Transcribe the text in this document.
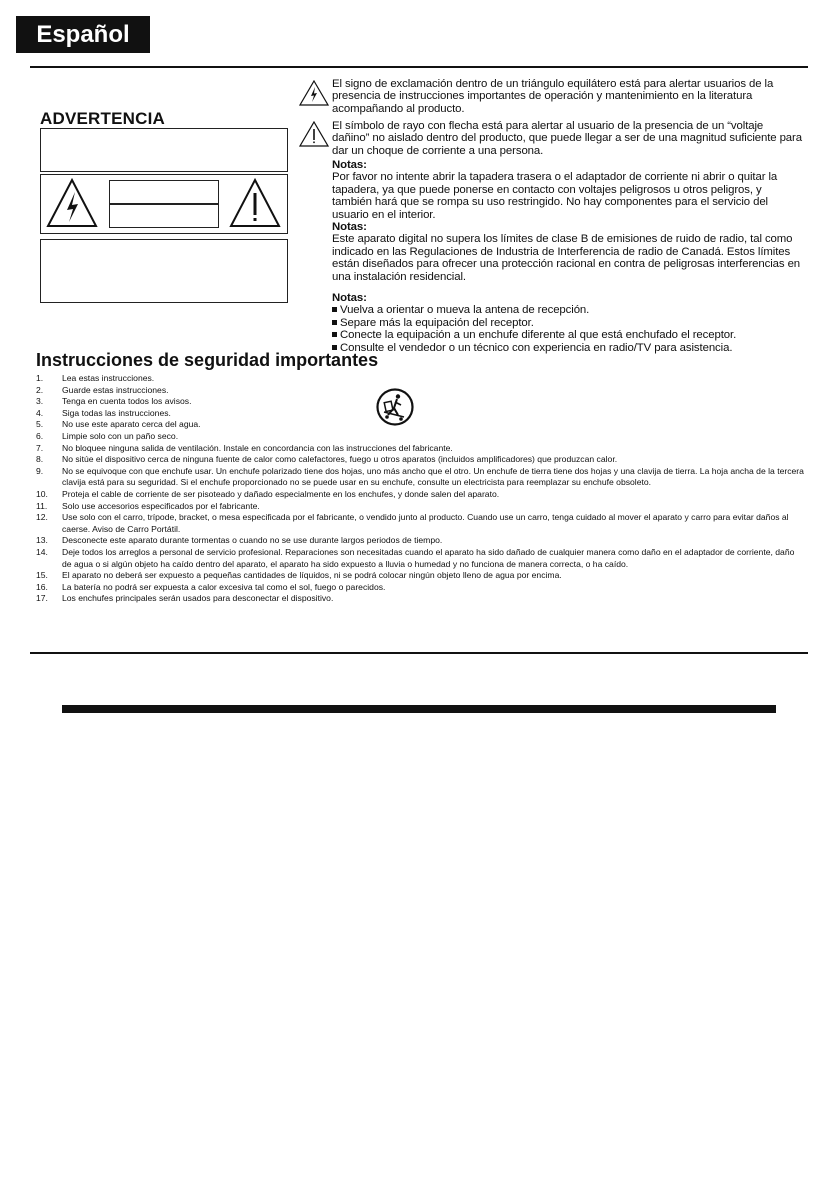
Español
ADVERTENCIA
El signo de exclamación dentro de un triángulo equilátero está para alertar usuarios de la presencia de instrucciones importantes de operación y mantenimiento en la literatura acompañando al producto.
El símbolo de rayo con flecha está para alertar al usuario de la presencia de un “voltaje dañino” no aislado dentro del producto, que puede llegar a ser de una magnitud suficiente para dar un choque de corriente a una persona.

Notas:

Por favor no intente abrir la tapadera trasera o el adaptador de corriente ni abrir o quitar la tapadera, ya que puede ponerse en contacto con voltajes peligrosos u otros peligros, y también hará que se rompa su uso restringido. No hay componentes para el servicio del usuario en el interior.

Notas:

Este aparato digital no supera los límites de clase B de emisiones de ruido de radio, tal como indicado en las Regulaciones de Industria de Interferencia de radio de Canadá. Estos límites están diseñados para ofrecer una protección racional en contra de peligrosas interferencias en una instalación residencial.

Notas:

Vuelva a orientar o mueva la antena de recepción.

Separe más la equipación del receptor.

Conecte la equipación a un enchufe diferente al que está enchufado el receptor.

Consulte el vendedor o un técnico con experiencia en radio/TV para asistencia.

Instrucciones de seguridad importantes
1. Lea estas instrucciones.
2. Guarde estas instrucciones.
3. Tenga en cuenta todos los avisos.
4. Siga todas las instrucciones.
5. No use este aparato cerca del agua.
6. Limpie solo con un paño seco.
7. No bloquee ninguna salida de ventilación. Instale en concordancia con las instrucciones del fabricante.
8. No sitúe el dispositivo cerca de ninguna fuente de calor como calefactores, fuego u otros aparatos (incluidos amplificadores) que produzcan calor.
9. No se equivoque con que enchufe usar. Un enchufe polarizado tiene dos hojas, uno más ancho que el otro. Un enchufe de tierra tiene dos hojas y una clavija de tierra. La hoja ancha de la tercera clavija está para su seguridad. Si el enchufe proporcionado no se puede usar en su enchufe, consulte un electricista para reemplazar su enchufe obsoleto.
10. Proteja el cable de corriente de ser pisoteado y dañado especialmente en los enchufes, y donde salen del aparato.
11. Solo use accesorios especificados por el fabricante.
12. Use solo con el carro, trípode, bracket, o mesa especificada por el fabricante, o vendido junto al producto. Cuando use un carro, tenga cuidado al mover el aparato y carro para evitar daños al caerse. Aviso de Carro Portátil.
13. Desconecte este aparato durante tormentas o cuando no se use durante largos periodos de tiempo.
14. Deje todos los arreglos a personal de servicio profesional. Reparaciones son necesitadas cuando el aparato ha sido dañado de cualquier manera como daño en el adaptador de corriente, daño de agua o si algún objeto ha caído dentro del aparato, el aparato ha sido expuesto a lluvia o humedad y no funciona de manera correcta, o ha caído.
15. El aparato no deberá ser expuesto a pequeñas cantidades de líquidos, ni se podrá colocar ningún objeto lleno de agua por encima.
16. La batería no podrá ser expuesta a calor excesiva tal como el sol, fuego o parecidos.
17. Los enchufes principales serán usados para desconectar el dispositivo.
